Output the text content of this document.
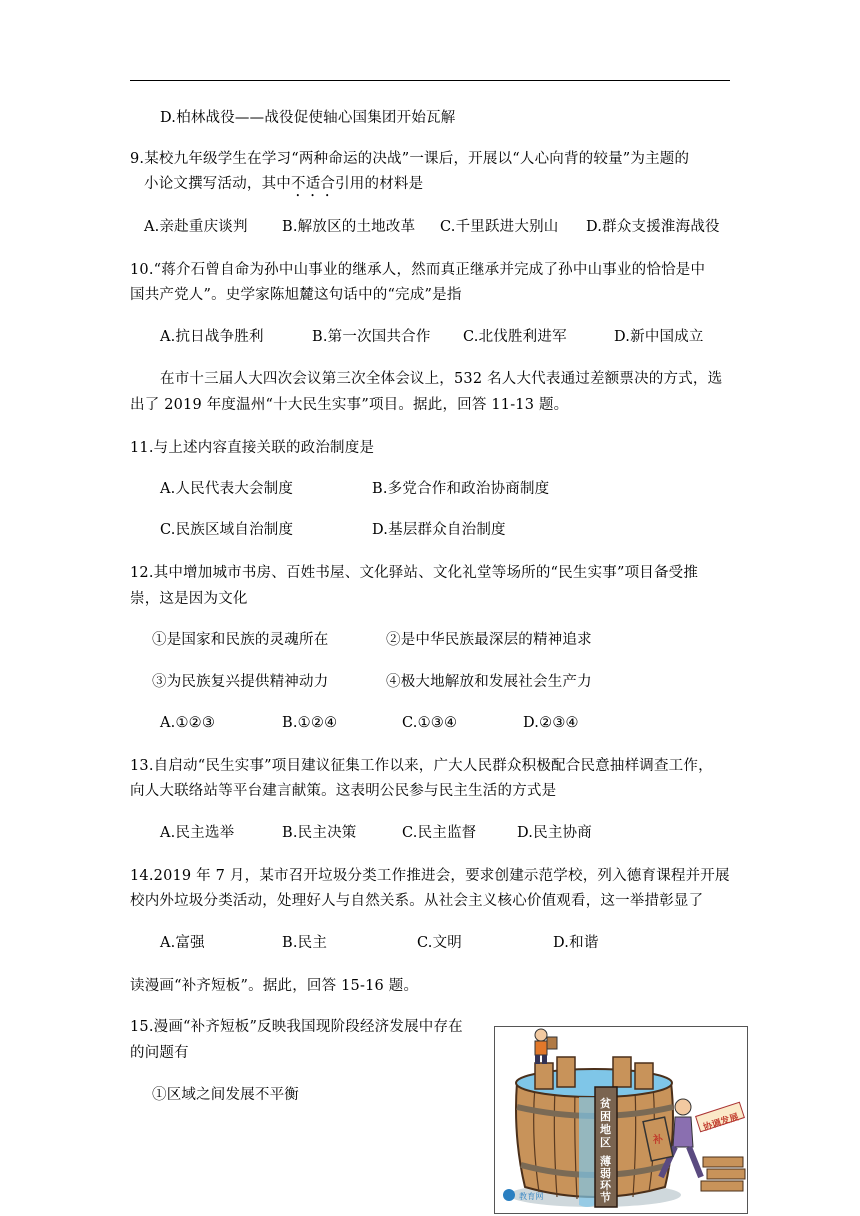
D.柏林战役——战役促使轴心国集团开始瓦解
9.某校九年级学生在学习“两种命运的决战”一课后，开展以“人心向背的较量”为主题的
小论文撰写活动，其中不适合引用的材料是
A.亲赴重庆谈判 B.解放区的土地改革 C.千里跃进大别山 D.群众支援淮海战役
10.“蒋介石曾自命为孙中山事业的继承人，然而真正继承并完成了孙中山事业的恰恰是中
国共产党人”。史学家陈旭麓这句话中的“完成”是指
A.抗日战争胜利	B.第一次国共合作 C.北伐胜利进军	D.新中国成立
在市十三届人大四次会议第三次全体会议上，532 名人大代表通过差额票决的方式，选
出了 2019 年度温州“十大民生实事”项目。据此，回答 11-13 题。
11.与上述内容直接关联的政治制度是
A.人民代表大会制度	B.多党合作和政治协商制度
C.民族区域自治制度	D.基层群众自治制度
12.其中增加城市书房、百姓书屋、文化驿站、文化礼堂等场所的“民生实事”项目备受推
崇，这是因为文化
①是国家和民族的灵魂所在	②是中华民族最深层的精神追求
③为民族复兴提供精神动力	④极大地解放和发展社会生产力
A.①②③	B.①②④	C.①③④	D.②③④
13.自启动“民生实事”项目建议征集工作以来，广大人民群众积极配合民意抽样调查工作，
向人大联络站等平台建言献策。这表明公民参与民主生活的方式是
A.民主选举	B.民主决策	C.民主监督	D.民主协商
14.2019 年 7 月，某市召开垃圾分类工作推进会，要求创建示范学校，列入德育课程并开展
校内外垃圾分类活动，处理好人与自然关系。从社会主义核心价值观看，这一举措彰显了
A.富强	B.民主	C.文明	D.和谐
读漫画“补齐短板”。据此，回答 15-16 题。
15.漫画“补齐短板”反映我国现阶段经济发展中存在
的问题有
①区域之间发展不平衡
贫困地区
薄弱环节
协调发展
补
教育网
